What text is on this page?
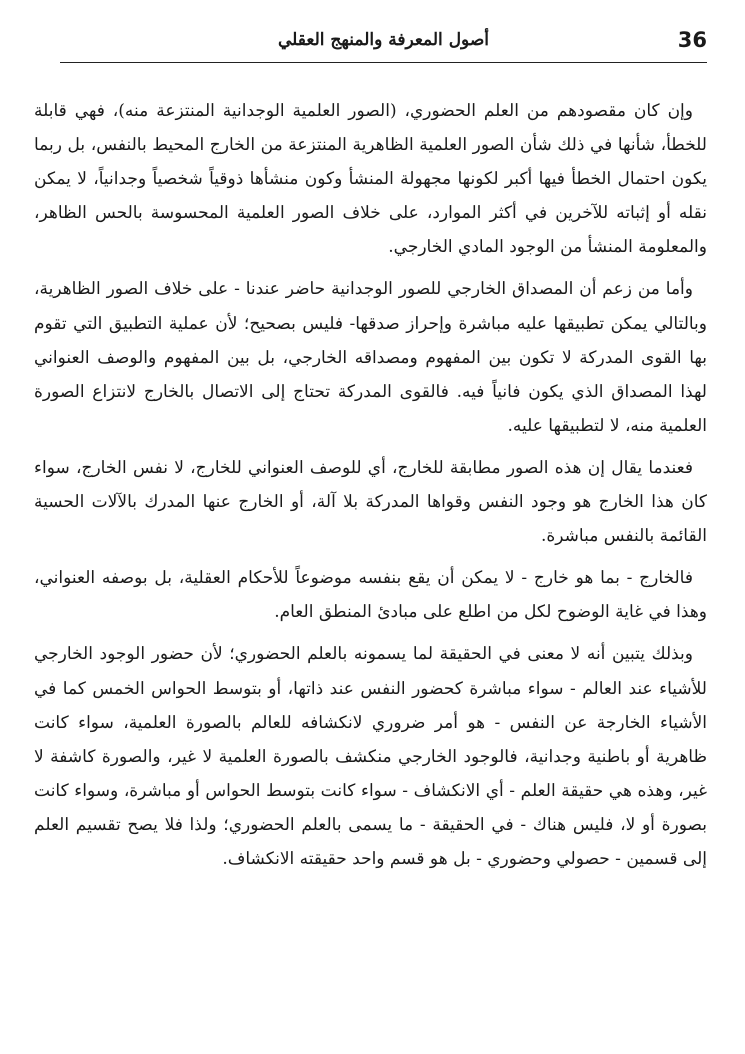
36
أصول المعرفة والمنهج العقلي

وإن كان مقصودهم من العلم الحضوري، (الصور العلمية الوجدانية المنتزعة منه)، فهي قابلة للخطأ، شأنها في ذلك شأن الصور العلمية الظاهرية المنتزعة من الخارج المحيط بالنفس، بل ربما يكون احتمال الخطأ فيها أكبر لكونها مجهولة المنشأ وكون منشأها ذوقياً شخصياً وجدانياً، لا يمكن نقله أو إثباته للآخرين في أكثر الموارد، على خلاف الصور العلمية المحسوسة بالحس الظاهر، والمعلومة المنشأ من الوجود المادي الخارجي.

وأما من زعم أن المصداق الخارجي للصور الوجدانية حاضر عندنا - على خلاف الصور الظاهرية، وبالتالي يمكن تطبيقها عليه مباشرة وإحراز صدقها- فليس بصحيح؛ لأن عملية التطبيق التي تقوم بها القوى المدركة لا تكون بين المفهوم ومصداقه الخارجي، بل بين المفهوم والوصف العنواني لهذا المصداق الذي يكون فانياً فيه. فالقوى المدركة تحتاج إلى الاتصال بالخارج لانتزاع الصورة العلمية منه، لا لتطبيقها عليه.

فعندما يقال إن هذه الصور مطابقة للخارج، أي للوصف العنواني للخارج، لا نفس الخارج، سواء كان هذا الخارج هو وجود النفس وقواها المدركة بلا آلة، أو الخارج عنها المدرك بالآلات الحسية القائمة بالنفس مباشرة.

فالخارج - بما هو خارج - لا يمكن أن يقع بنفسه موضوعاً للأحكام العقلية، بل بوصفه العنواني، وهذا في غاية الوضوح لكل من اطلع على مبادئ المنطق العام.

وبذلك يتبين أنه لا معنى في الحقيقة لما يسمونه بالعلم الحضوري؛ لأن حضور الوجود الخارجي للأشياء عند العالم - سواء مباشرة كحضور النفس عند ذاتها، أو بتوسط الحواس الخمس كما في الأشياء الخارجة عن النفس - هو أمر ضروري لانكشافه للعالم بالصورة العلمية، سواء كانت ظاهرية أو باطنية وجدانية، فالوجود الخارجي منكشف بالصورة العلمية لا غير، والصورة كاشفة لا غير، وهذه هي حقيقة العلم - أي الانكشاف - سواء كانت بتوسط الحواس أو مباشرة، وسواء كانت بصورة أو لا، فليس هناك - في الحقيقة - ما يسمى بالعلم الحضوري؛ ولذا فلا يصح تقسيم العلم إلى قسمين - حصولي وحضوري - بل هو قسم واحد حقيقته الانكشاف.
